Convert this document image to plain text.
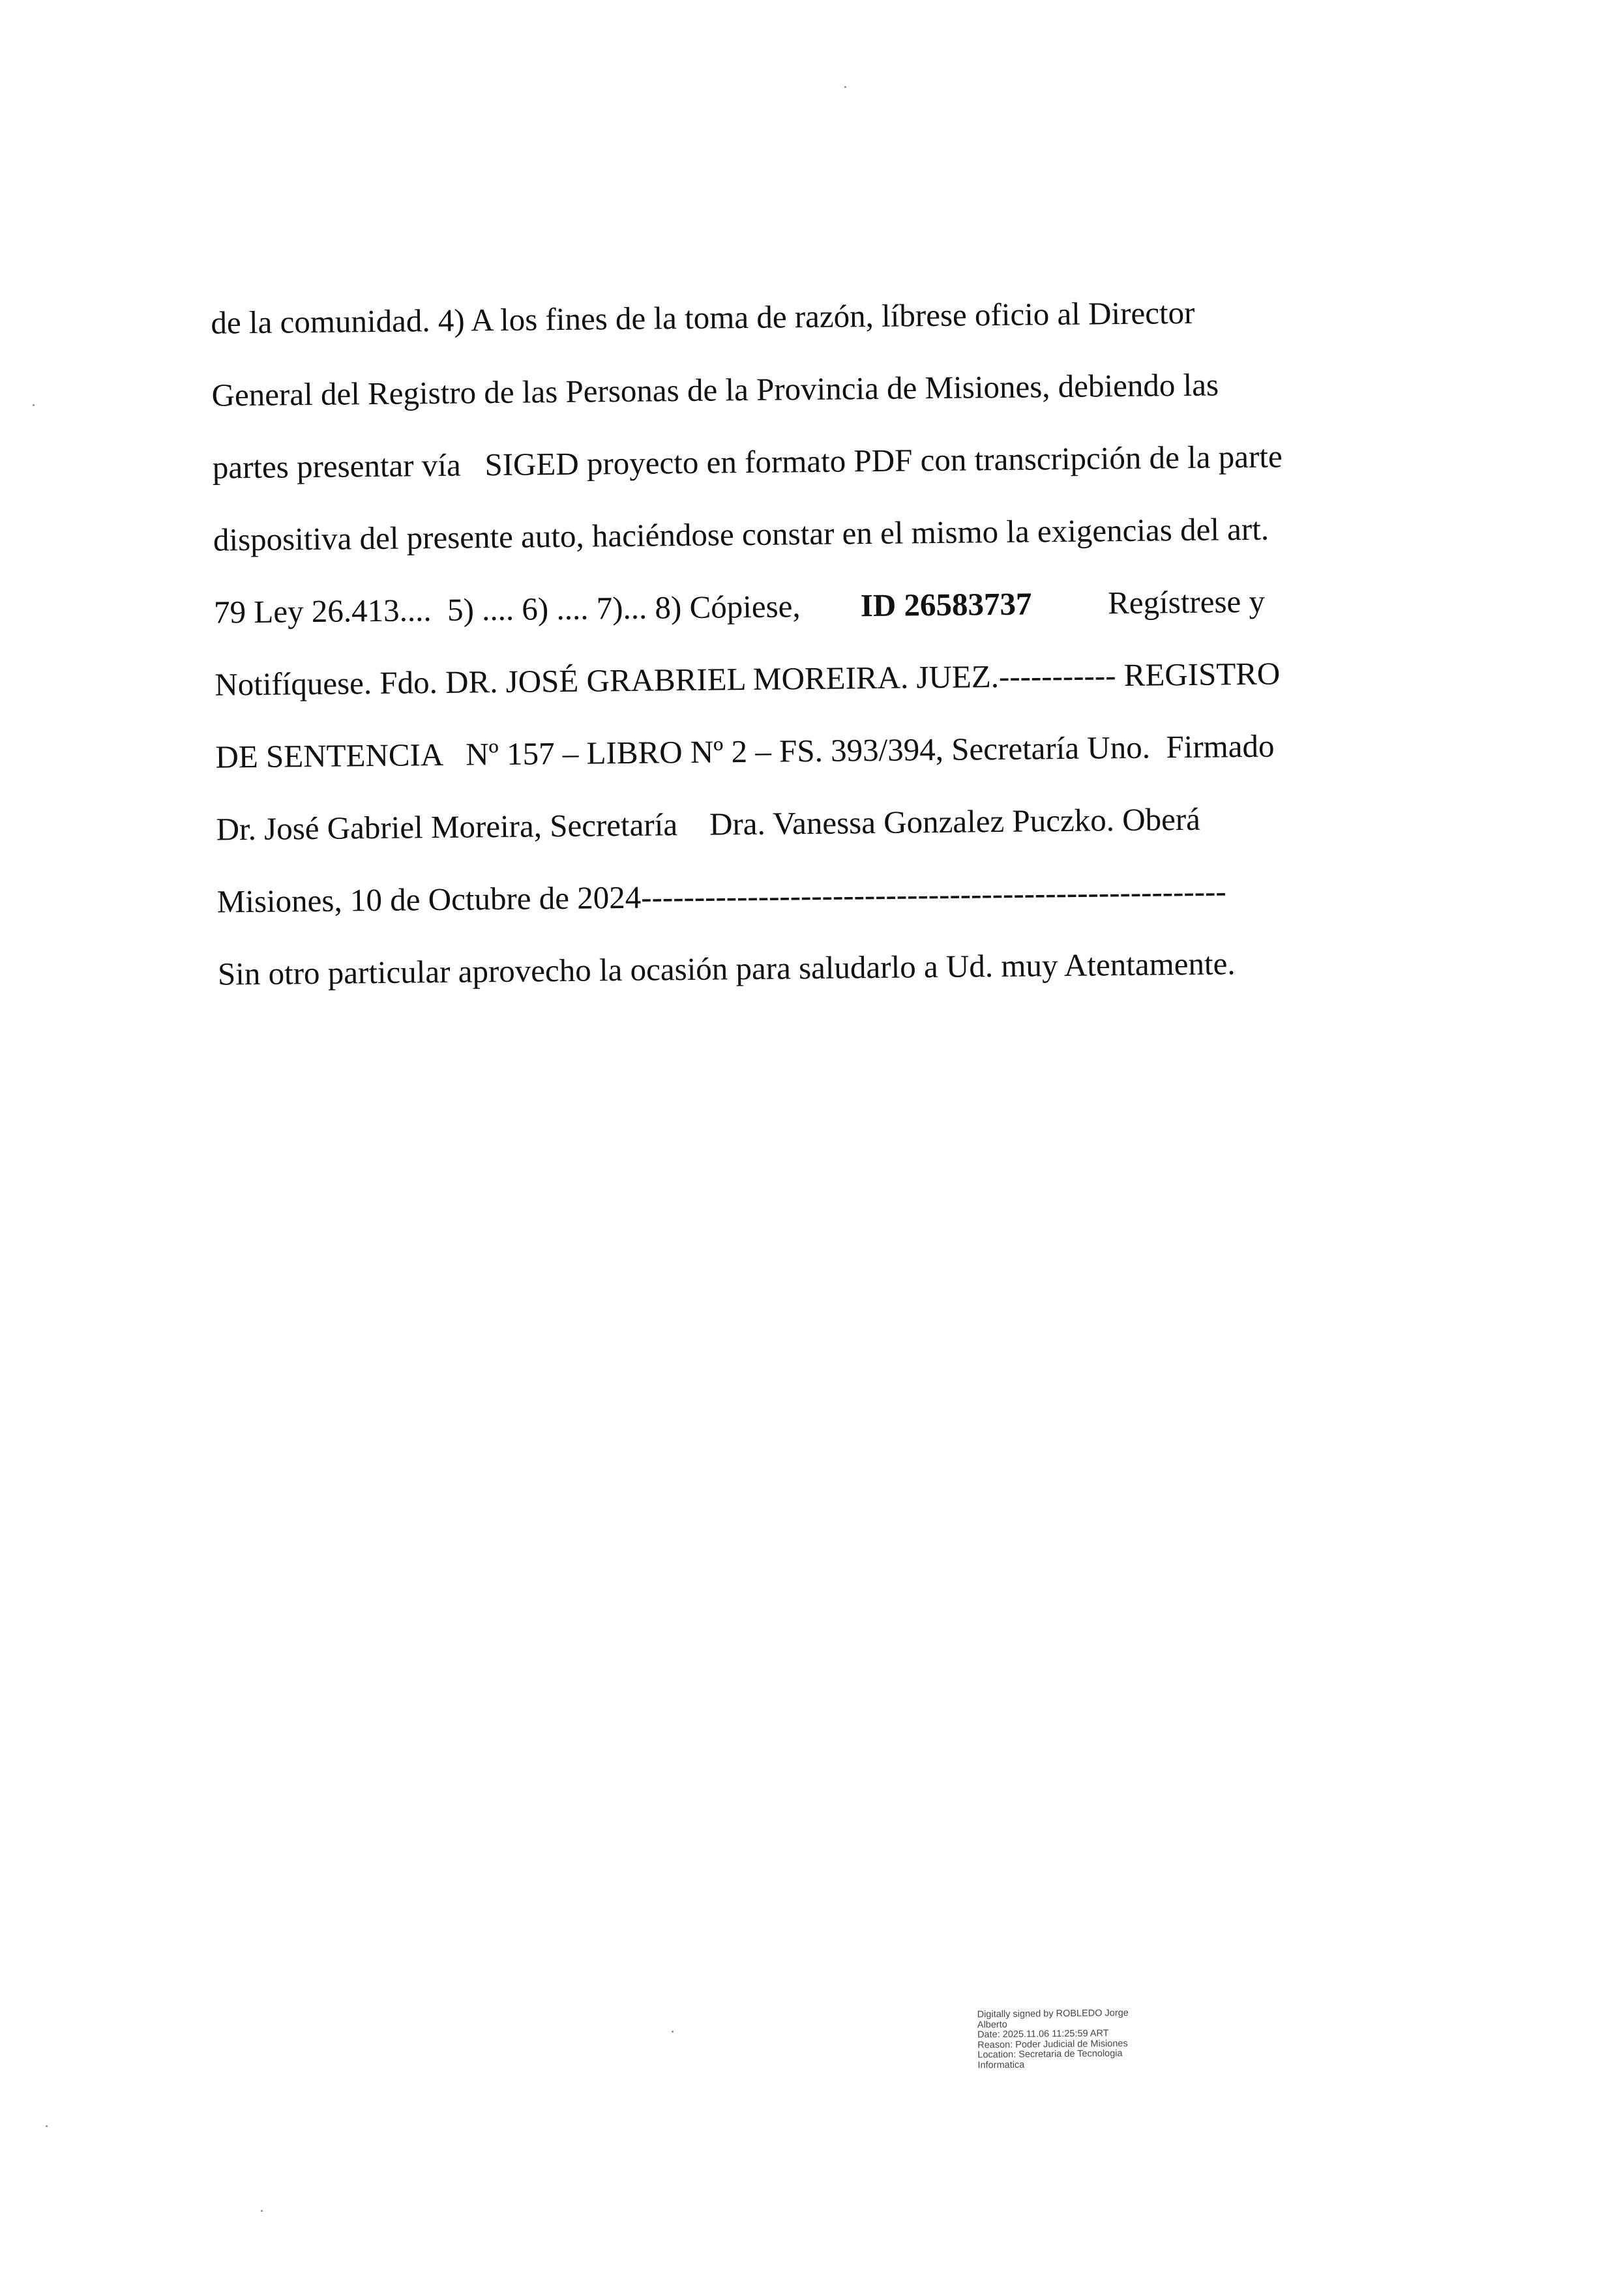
de la comunidad. 4) A los fines de la toma de razón, líbrese oficio al Director
General del Registro de las Personas de la Provincia de Misiones, debiendo las
partes presentar vía   SIGED proyecto en formato PDF con transcripción de la parte
dispositiva del presente auto, haciéndose constar en el mismo la exigencias del art.
79 Ley 26.413....  5) .... 6) .... 7)... 8) Cópiese, ID 26583737 Regístrese y
Notifíquese. Fdo. DR. JOSÉ GRABRIEL MOREIRA. JUEZ.----------- REGISTRO
DE SENTENCIA   Nº 157 – LIBRO Nº 2 – FS. 393/394, Secretaría Uno.  Firmado
Dr. José Gabriel Moreira, Secretaría    Dra. Vanessa Gonzalez Puczko. Oberá
Misiones, 10 de Octubre de 2024-------------------------------------------------------
Sin otro particular aprovecho la ocasión para saludarlo a Ud. muy Atentamente.
Digitally signed by ROBLEDO Jorge
Alberto
Date: 2025.11.06 11:25:59 ART
Reason: Poder Judicial de Misiones
Location: Secretaria de Tecnologia
Informatica
